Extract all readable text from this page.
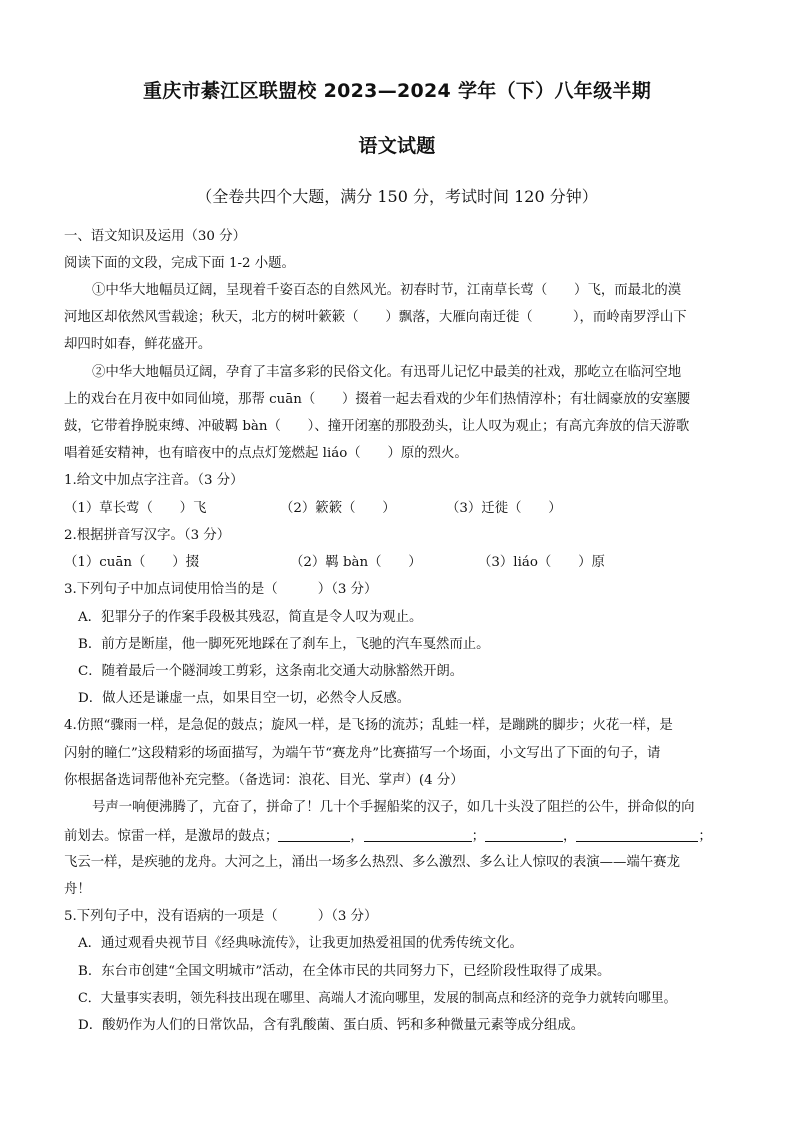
重庆市綦江区联盟校 2023—2024 学年（下）八年级半期
语文试题
（全卷共四个大题，满分 150 分，考试时间 120 分钟）
一、语文知识及运用（30 分）
阅读下面的文段，完成下面 1-2 小题。
①中华大地幅员辽阔，呈现着千姿百态的自然风光。初春时节，江南草长莺（　　）飞，而最北的漠
河地区却依然风雪载途；秋天，北方的树叶簌簌（　　）飘落，大雁向南迁徙（　　　），而岭南罗浮山下
却四时如春，鲜花盛开。
②中华大地幅员辽阔，孕育了丰富多彩的民俗文化。有迅哥儿记忆中最美的社戏，那屹立在临河空地
上的戏台在月夜中如同仙境，那帮 cuān（　　）掇着一起去看戏的少年们热情淳朴；有壮阔豪放的安塞腰
鼓，它带着挣脱束缚、冲破羁 bàn（　　）、撞开闭塞的那股劲头，让人叹为观止；有高亢奔放的信天游歌
唱着延安精神，也有暗夜中的点点灯笼燃起 liáo（　　）原的烈火。
1.给文中加点字注音。（3 分）
（1）草长莺（　　）飞	（2）簌簌（　　）	（3）迁徙（　　）
2.根据拼音写汉字。（3 分）
（1）cuān（　　）掇	（2）羁 bàn（　　）	（3）liáo（　　）原
3.下列句子中加点词使用恰当的是（　　　）（3 分）
A．犯罪分子的作案手段极其残忍，简直是令人叹为观止。
B．前方是断崖，他一脚死死地踩在了刹车上，飞驰的汽车戛然而止。
C．随着最后一个隧洞竣工剪彩，这条南北交通大动脉豁然开朗。
D．做人还是谦虚一点，如果目空一切，必然令人反感。
4.仿照“骤雨一样，是急促的鼓点；旋风一样，是飞扬的流苏；乱蛙一样，是蹦跳的脚步；火花一样，是
闪射的瞳仁”这段精彩的场面描写，为端午节“赛龙舟”比赛描写一个场面，小文写出了下面的句子，请
你根据备选词帮他补充完整。（备选词：浪花、目光、掌声）(4 分）
号声一响便沸腾了，亢奋了，拼命了！几十个手握船桨的汉子，如几十头没了阻拦的公牛，拼命似的向
前划去。惊雷一样，是激昂的鼓点；	，	；	，	；
飞云一样，是疾驰的龙舟。大河之上，涌出一场多么热烈、多么激烈、多么让人惊叹的表演——端午赛龙
舟！
5.下列句子中，没有语病的一项是（　　　）（3 分）
A．通过观看央视节目《经典咏流传》，让我更加热爱祖国的优秀传统文化。
B．东台市创建“全国文明城市”活动，在全体市民的共同努力下，已经阶段性取得了成果。
C．大量事实表明，领先科技出现在哪里、高端人才流向哪里，发展的制高点和经济的竞争力就转向哪里。
D．酸奶作为人们的日常饮品，含有乳酸菌、蛋白质、钙和多种微量元素等成分组成。
